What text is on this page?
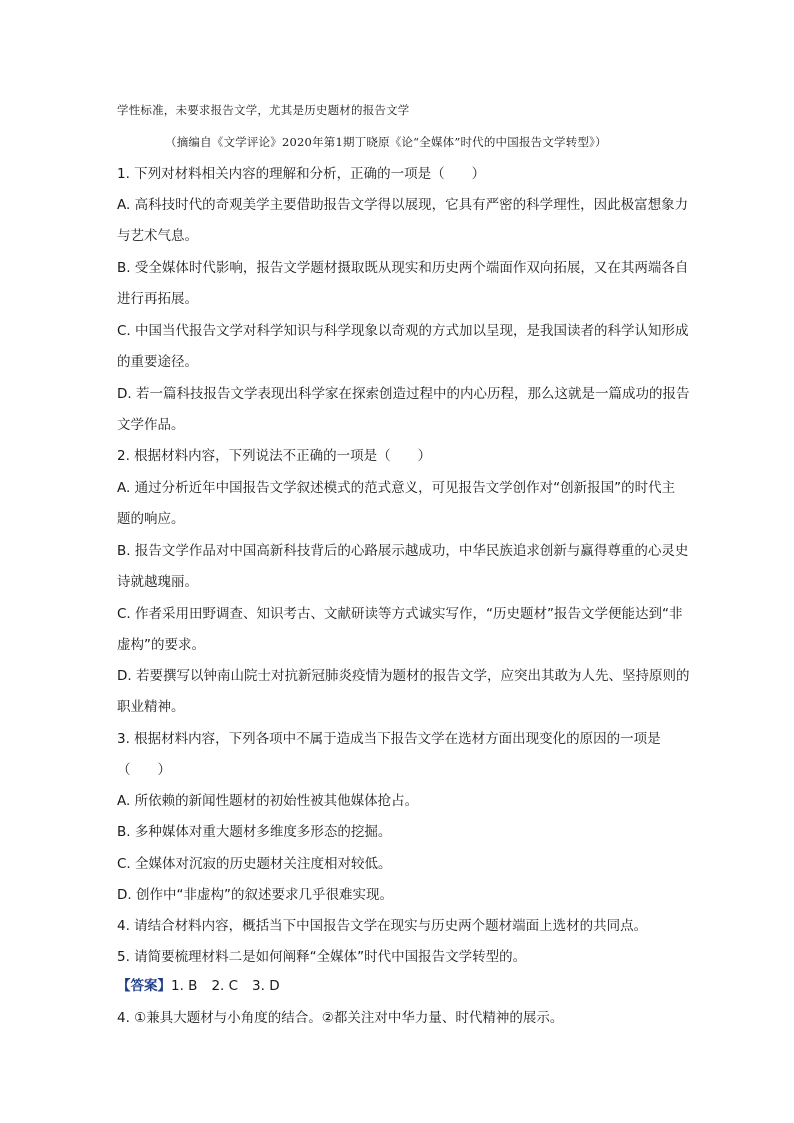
学性标准，未要求报告文学，尤其是历史题材的报告文学
（摘编自《文学评论》2020年第1期丁晓原《论“全媒体”时代的中国报告文学转型》）
1. 下列对材料相关内容的理解和分析，正确的一项是（　　）
A. 高科技时代的奇观美学主要借助报告文学得以展现，它具有严密的科学理性，因此极富想象力
与艺术气息。
B. 受全媒体时代影响，报告文学题材摄取既从现实和历史两个端面作双向拓展，又在其两端各自
进行再拓展。
C. 中国当代报告文学对科学知识与科学现象以奇观的方式加以呈现，是我国读者的科学认知形成
的重要途径。
D. 若一篇科技报告文学表现出科学家在探索创造过程中的内心历程，那么这就是一篇成功的报告
文学作品。
2. 根据材料内容，下列说法不正确的一项是（　　）
A. 通过分析近年中国报告文学叙述模式的范式意义，可见报告文学创作对“创新报国”的时代主
题的响应。
B. 报告文学作品对中国高新科技背后的心路展示越成功，中华民族追求创新与赢得尊重的心灵史
诗就越瑰丽。
C. 作者采用田野调查、知识考古、文献研读等方式诚实写作，“历史题材”报告文学便能达到“非
虚构”的要求。
D. 若要撰写以钟南山院士对抗新冠肺炎疫情为题材的报告文学，应突出其敢为人先、坚持原则的
职业精神。
3. 根据材料内容，下列各项中不属于造成当下报告文学在选材方面出现变化的原因的一项是
（　　）
A. 所依赖的新闻性题材的初始性被其他媒体抢占。
B. 多种媒体对重大题材多维度多形态的挖掘。
C. 全媒体对沉寂的历史题材关注度相对较低。
D. 创作中“非虚构”的叙述要求几乎很难实现。
4. 请结合材料内容，概括当下中国报告文学在现实与历史两个题材端面上选材的共同点。
5. 请简要梳理材料二是如何阐释“全媒体”时代中国报告文学转型的。
【答案】1. B 2. C 3. D
4. ①兼具大题材与小角度的结合。②都关注对中华力量、时代精神的展示。
